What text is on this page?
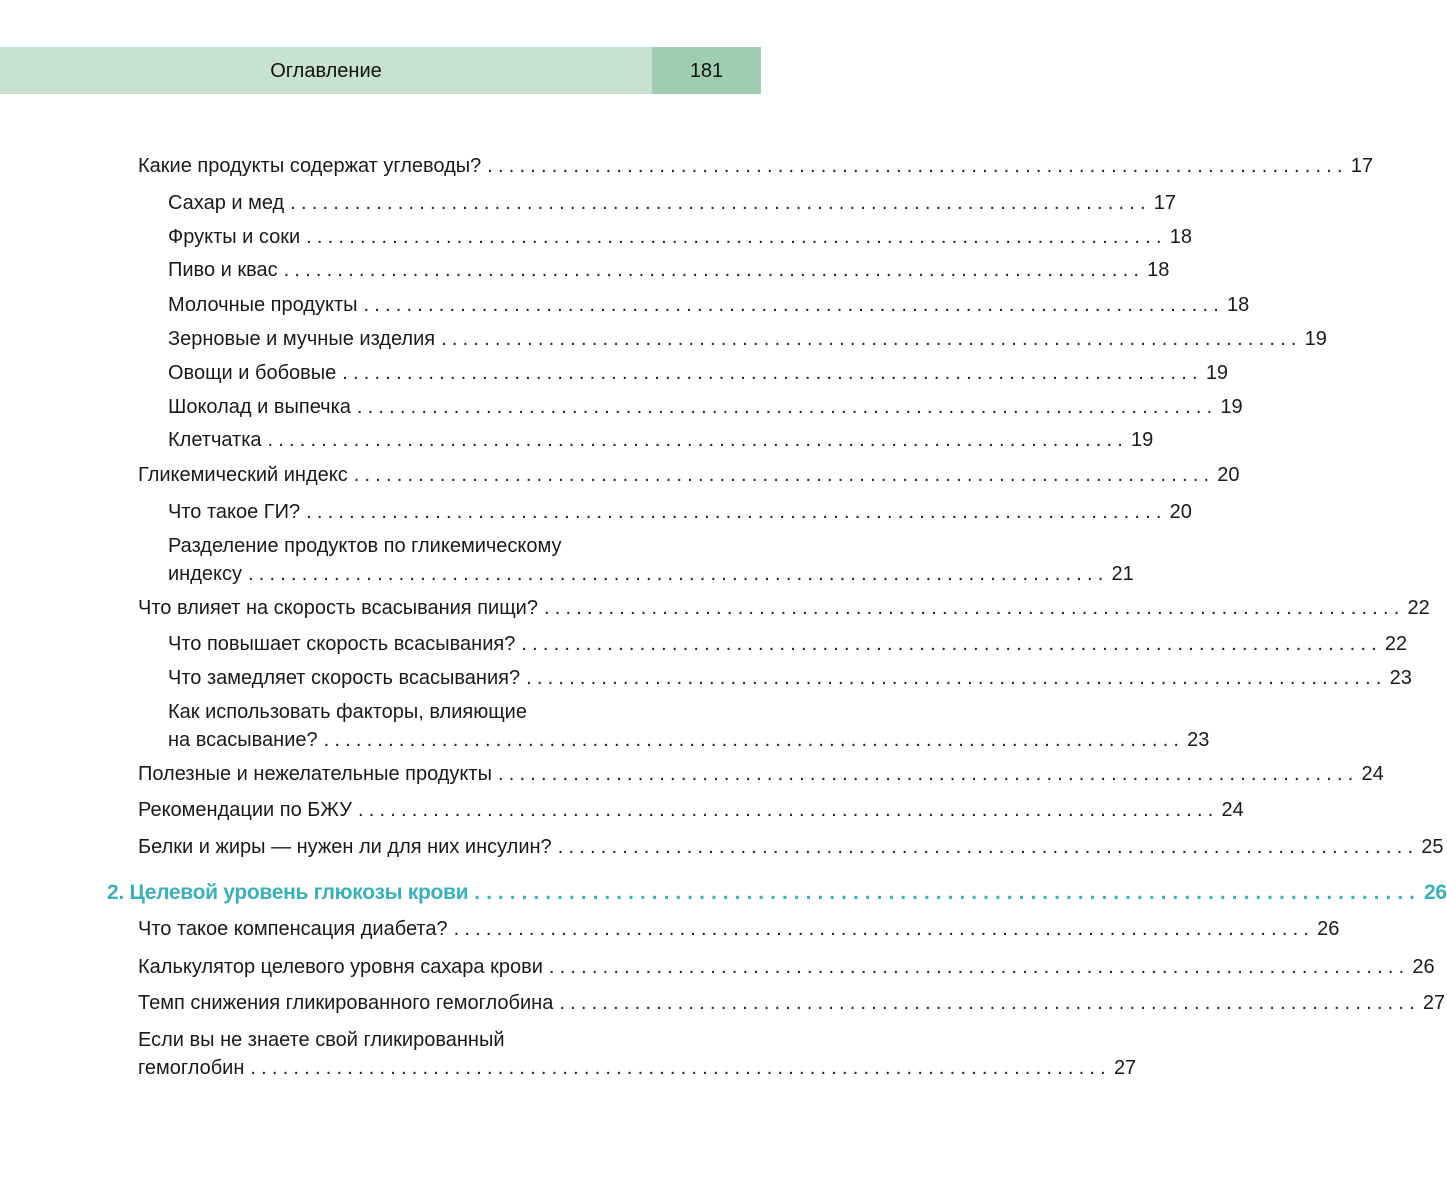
Оглавление	181
Какие продукты содержат углеводы? ................................................................................ 17
Сахар и мед ................................................................................ 17
Фрукты и соки ................................................................................ 18
Пиво и квас ................................................................................ 18
Молочные продукты ................................................................................ 18
Зерновые и мучные изделия ................................................................................ 19
Овощи и бобовые ................................................................................ 19
Шоколад и выпечка ................................................................................ 19
Клетчатка ................................................................................ 19
Гликемический индекс ................................................................................ 20
Что такое ГИ? ................................................................................ 20
Разделение продуктов по гликемическому
индексу ................................................................................ 21
Что влияет на скорость всасывания пищи? ................................................................................ 22
Что повышает скорость всасывания? ................................................................................ 22
Что замедляет скорость всасывания? ................................................................................ 23
Как использовать факторы, влияющие
на всасывание? ................................................................................ 23
Полезные и нежелательные продукты ................................................................................ 24
Рекомендации по БЖУ ................................................................................ 24
Белки и жиры — нужен ли для них инсулин? ................................................................................ 25
2. Целевой уровень глюкозы крови ................................................................................ 26
Что такое компенсация диабета? ................................................................................ 26
Калькулятор целевого уровня сахара крови ................................................................................ 26
Темп снижения гликированного гемоглобина ................................................................................ 27
Если вы не знаете свой гликированный
гемоглобин ................................................................................ 27
